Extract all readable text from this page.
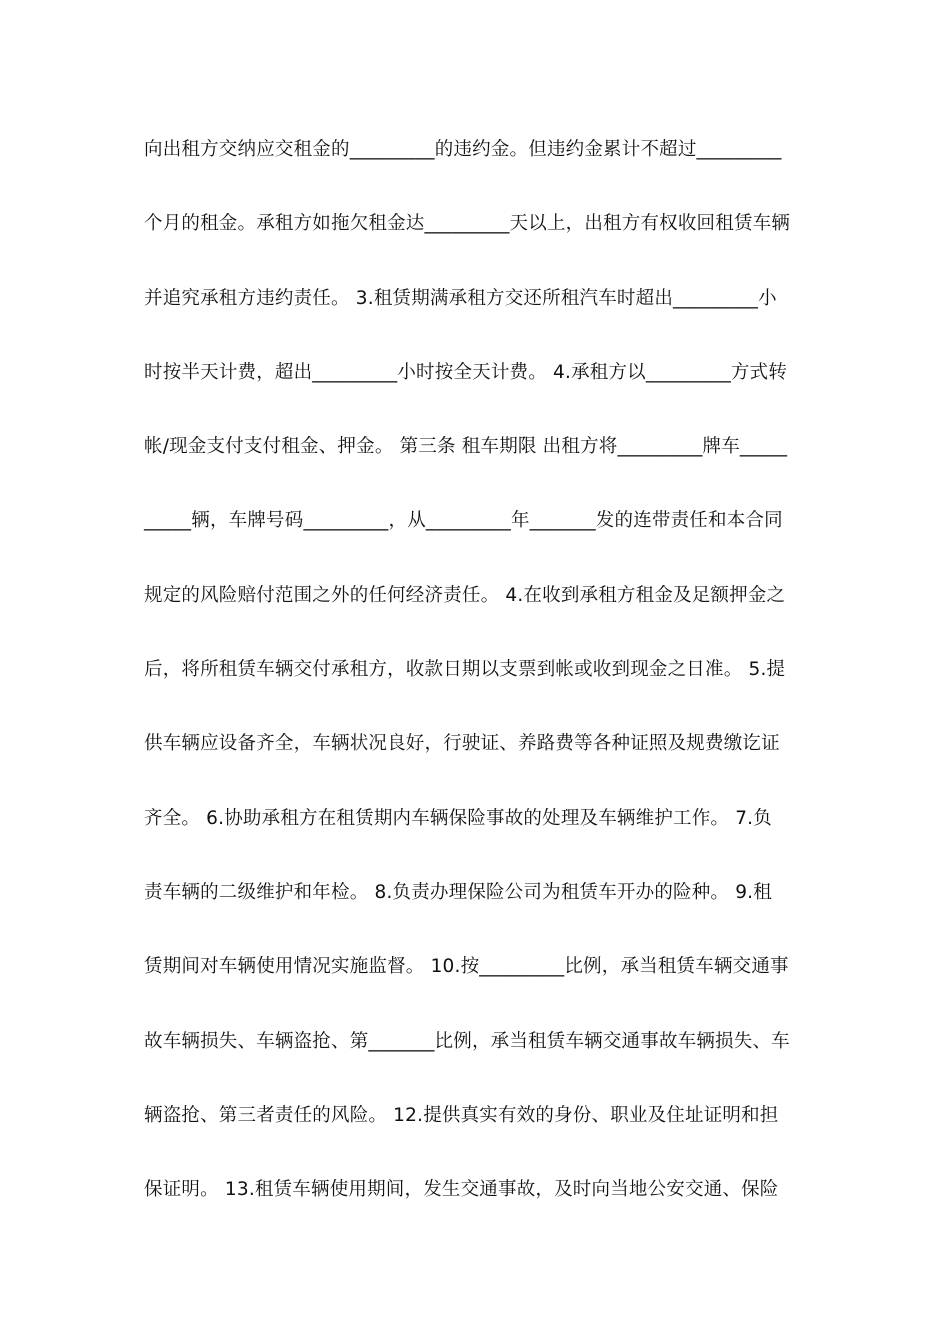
向出租方交纳应交租金的_________的违约金。但违约金累计不超过_________
个月的租金。承租方如拖欠租金达_________天以上，出租方有权收回租赁车辆
并追究承租方违约责任。 3.租赁期满承租方交还所租汽车时超出_________小
时按半天计费，超出_________小时按全天计费。 4.承租方以_________方式转
帐/现金支付支付租金、押金。 第三条 租车期限 出租方将_________牌车_____
_____辆，车牌号码_________，从_________年_______发的连带责任和本合同
规定的风险赔付范围之外的任何经济责任。 4.在收到承租方租金及足额押金之
后，将所租赁车辆交付承租方，收款日期以支票到帐或收到现金之日准。 5.提
供车辆应设备齐全，车辆状况良好，行驶证、养路费等各种证照及规费缴讫证
齐全。 6.协助承租方在租赁期内车辆保险事故的处理及车辆维护工作。 7.负
责车辆的二级维护和年检。 8.负责办理保险公司为租赁车开办的险种。 9.租
赁期间对车辆使用情况实施监督。 10.按_________比例，承当租赁车辆交通事
故车辆损失、车辆盗抢、第_______比例，承当租赁车辆交通事故车辆损失、车
辆盗抢、第三者责任的风险。 12.提供真实有效的身份、职业及住址证明和担
保证明。 13.租赁车辆使用期间，发生交通事故，及时向当地公安交通、保险
